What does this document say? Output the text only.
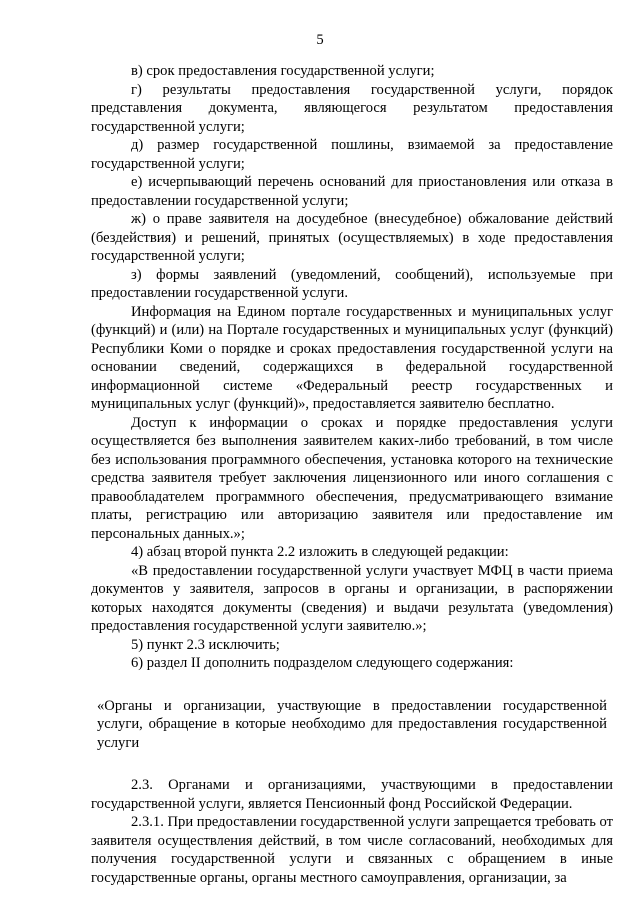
5

в) срок предоставления государственной услуги;

г) результаты предоставления государственной услуги, порядок представления документа, являющегося результатом предоставления государственной услуги;

д) размер государственной пошлины, взимаемой за предоставление государственной услуги;

е) исчерпывающий перечень оснований для приостановления или отказа в предоставлении государственной услуги;

ж) о праве заявителя на досудебное (внесудебное) обжалование действий (бездействия) и решений, принятых (осуществляемых) в ходе предоставления государственной услуги;

з) формы заявлений (уведомлений, сообщений), используемые при предоставлении государственной услуги.

Информация на Едином портале государственных и муниципальных услуг (функций) и (или) на Портале государственных и муниципальных услуг (функций) Республики Коми о порядке и сроках предоставления государственной услуги на основании сведений, содержащихся в федеральной государственной информационной системе «Федеральный реестр государственных и муниципальных услуг (функций)», предоставляется заявителю бесплатно.

Доступ к информации о сроках и порядке предоставления услуги осуществляется без выполнения заявителем каких-либо требований, в том числе без использования программного обеспечения, установка которого на технические средства заявителя требует заключения лицензионного или иного соглашения с правообладателем программного обеспечения, предусматривающего взимание платы, регистрацию или авторизацию заявителя или предоставление им персональных данных.»;

4) абзац второй пункта 2.2 изложить в следующей редакции:

«В предоставлении государственной услуги участвует МФЦ в части приема документов у заявителя, запросов в органы и организации, в распоряжении которых находятся документы (сведения) и выдачи результата (уведомления) предоставления государственной услуги заявителю.»;

5) пункт 2.3 исключить;

6) раздел II дополнить подразделом следующего содержания:

«Органы и организации, участвующие в предоставлении государственной услуги, обращение в которые необходимо для предоставления государственной услуги

2.3. Органами и организациями, участвующими в предоставлении государственной услуги, является Пенсионный фонд Российской Федерации.

2.3.1. При предоставлении государственной услуги запрещается требовать от заявителя осуществления действий, в том числе согласований, необходимых для получения государственной услуги и связанных с обращением в иные государственные органы, органы местного самоуправления, организации, за
